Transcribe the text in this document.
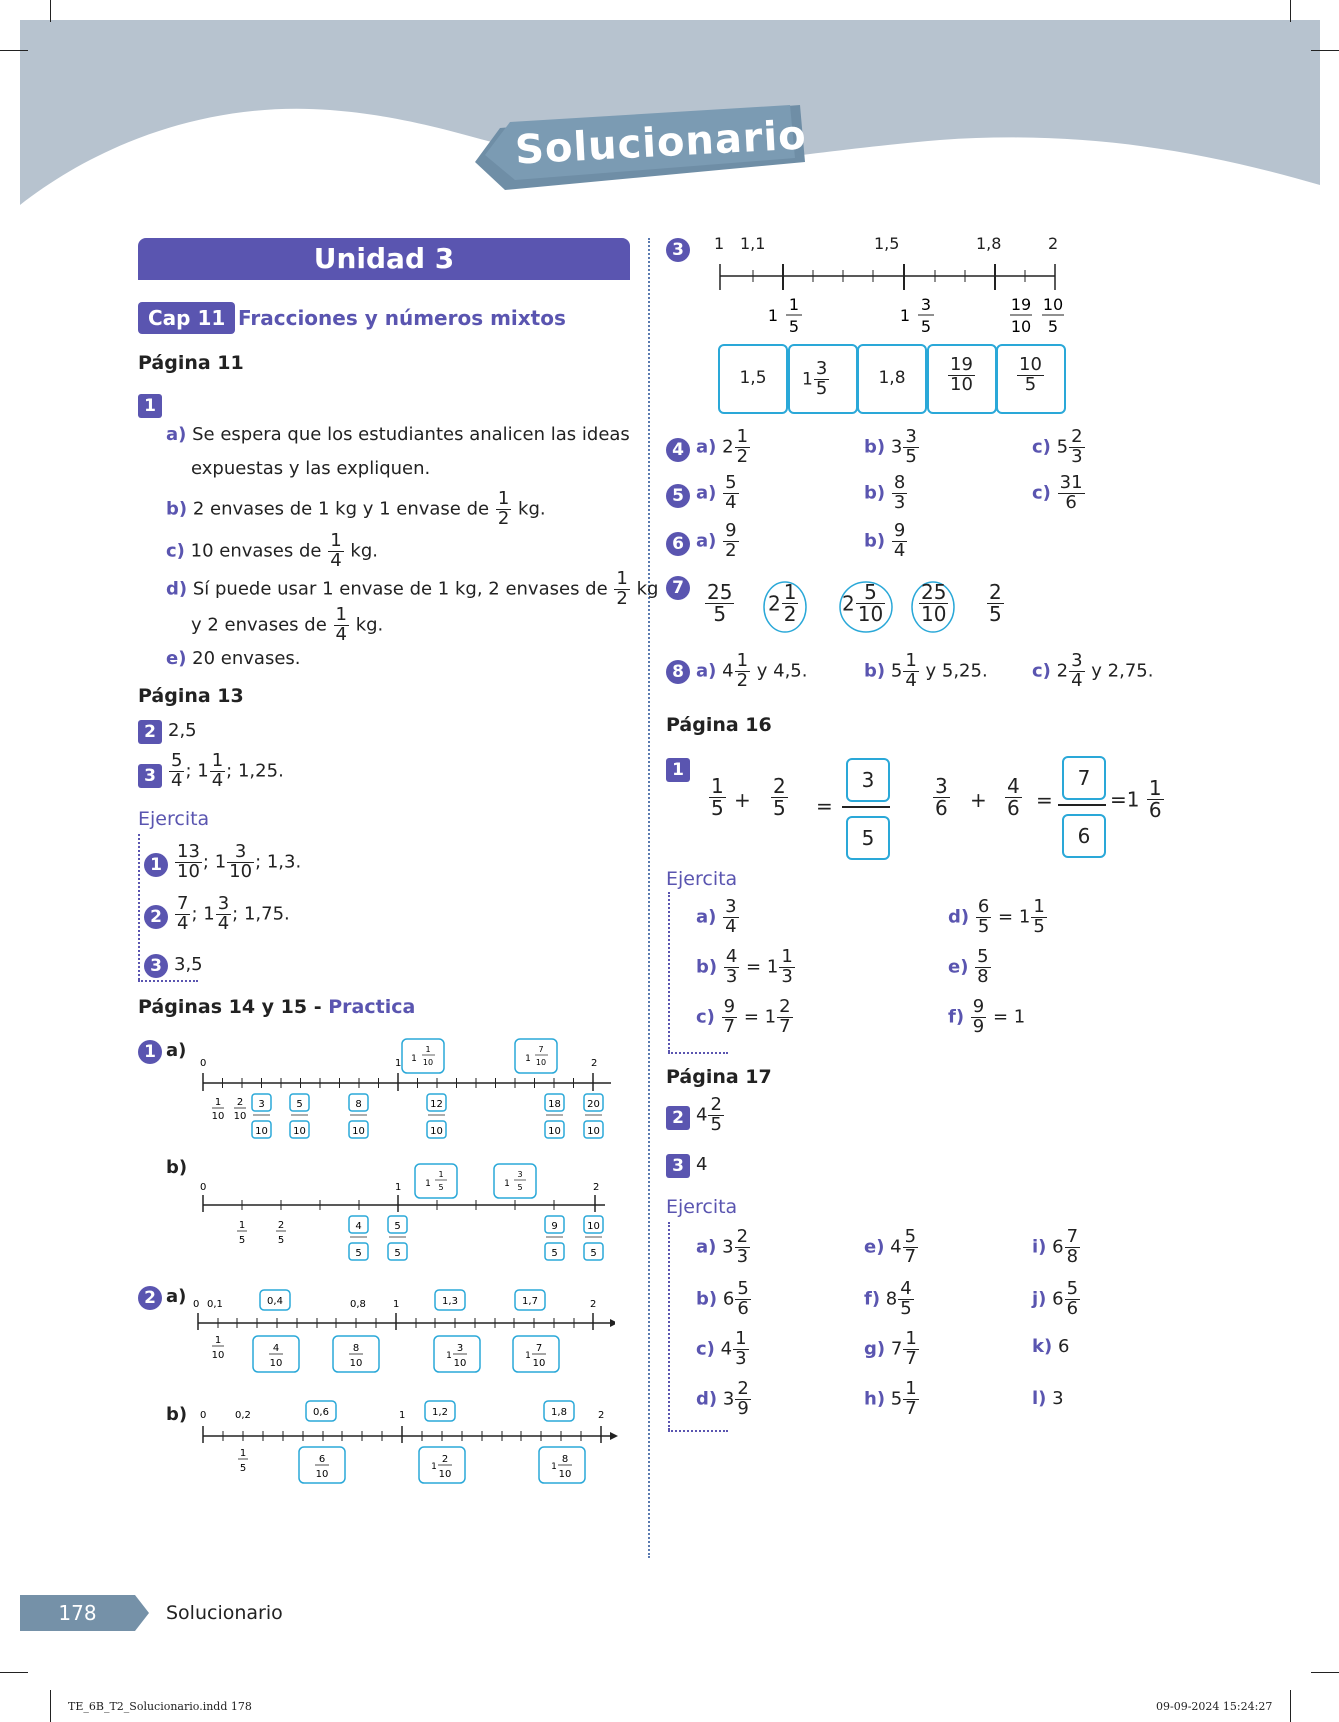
Solucionario
Unidad 3
Cap 11 Fracciones y números mixtos
Página 11
1
a) Se espera que los estudiantes analicen las ideas
expuestas y las expliquen.
b) 2 envases de 1 kg y 1 envase de $\frac{1}{2}$ kg.
c) 10 envases de $\frac{1}{4}$ kg.
d) Sí puede usar 1 envase de 1 kg, 2 envases de $\frac{1}{2}$ kg
y 2 envases de $\frac{1}{4}$ kg.
e) 20 envases.
Página 13
2 2,5
$3 \frac{5}{4}$ ; $1 \frac{1}{4}$ ; 1,25.
Ejercita
$1 \frac{13}{10}$ ; $1 \frac{3}{10}$ ; 1,3.
$2 \frac{7}{4}$ ; $1 \frac{3}{4}$ ; 1,75.
3 3,5
Páginas 14 y 15 - Practica
1 a)
b)
2 a)
b)
0	1	2
1
10
2
10
3
10
5
10
8
10
12
10
18
10
20
10
1
1
10	1
7
10
0	1	2
1
5
2
5
4
5
5
5
9
5
10
5
1
1
5	1
3
5
0 0,1	0,8	1	2
1
10
0,4	1,3	1,7
4
10
8
10
1
3
10
1
7
10
0	0,2	1	2
1
5
0,6	1,2	1,8
6
10
1
2
10
1
8
10
3	1 1,1	1,5	1,8	2
1
1
5
1
3
5
19
10
10
5
1,5	$1 \frac{3}{5}$	1,8	$\frac{19}{10} \frac{10}{5}$
4 a) $2 \frac{1}{2}$	b) $3 \frac{3}{5}$	c) $5 \frac{2}{3}$
5 $a) \frac{5}{4}$	$b) \frac{8}{3}$	$c) \frac{31}{6}$
6 $a) \frac{9}{2}$	$b) \frac{9}{4}$
7	$\frac{25}{5} 2 \frac{1}{2} 2 \frac{5}{10} \frac{25}{10} \frac{2}{5}$
8 a) $4 \frac{1}{2}$ y 4,5.	b) $5 \frac{1}{4}$ y 5,25. c) $2 \frac{3}{4}$ y 2,75.
Página 16
1
$\frac{1}{5} + \frac{2}{5}$ =
3
5
$\frac{3}{6} + \frac{4}{6}$ =
7
6
$=1 \frac{1}{6}$
Ejercita
$a) \frac{3}{4}$	$d) \frac{6}{5} = 1 \frac{1}{5}$
$b) \frac{4}{3} = 1 \frac{1}{3}$	$e) \frac{5}{8}$
$c) \frac{9}{7} = 1 \frac{2}{7}$	$f) \frac{9}{9} = 1$
Página 17
2 $4 \frac{2}{5}$
3 4
Ejercita
a) $3 \frac{2}{3}$	e) $4 \frac{5}{7}$	i) $6 \frac{7}{8}$
b) $6 \frac{5}{6}$	f) $8 \frac{4}{5}$	j) $6 \frac{5}{6}$
c) $4 \frac{1}{3}$	g) $7 \frac{1}{7}$	k) 6
d) $3 \frac{2}{9}$	h) $5 \frac{1}{7}$	l) 3
178	Solucionario
TE_6B_T2_Solucionario.indd 178	09-09-2024 15:24:27
